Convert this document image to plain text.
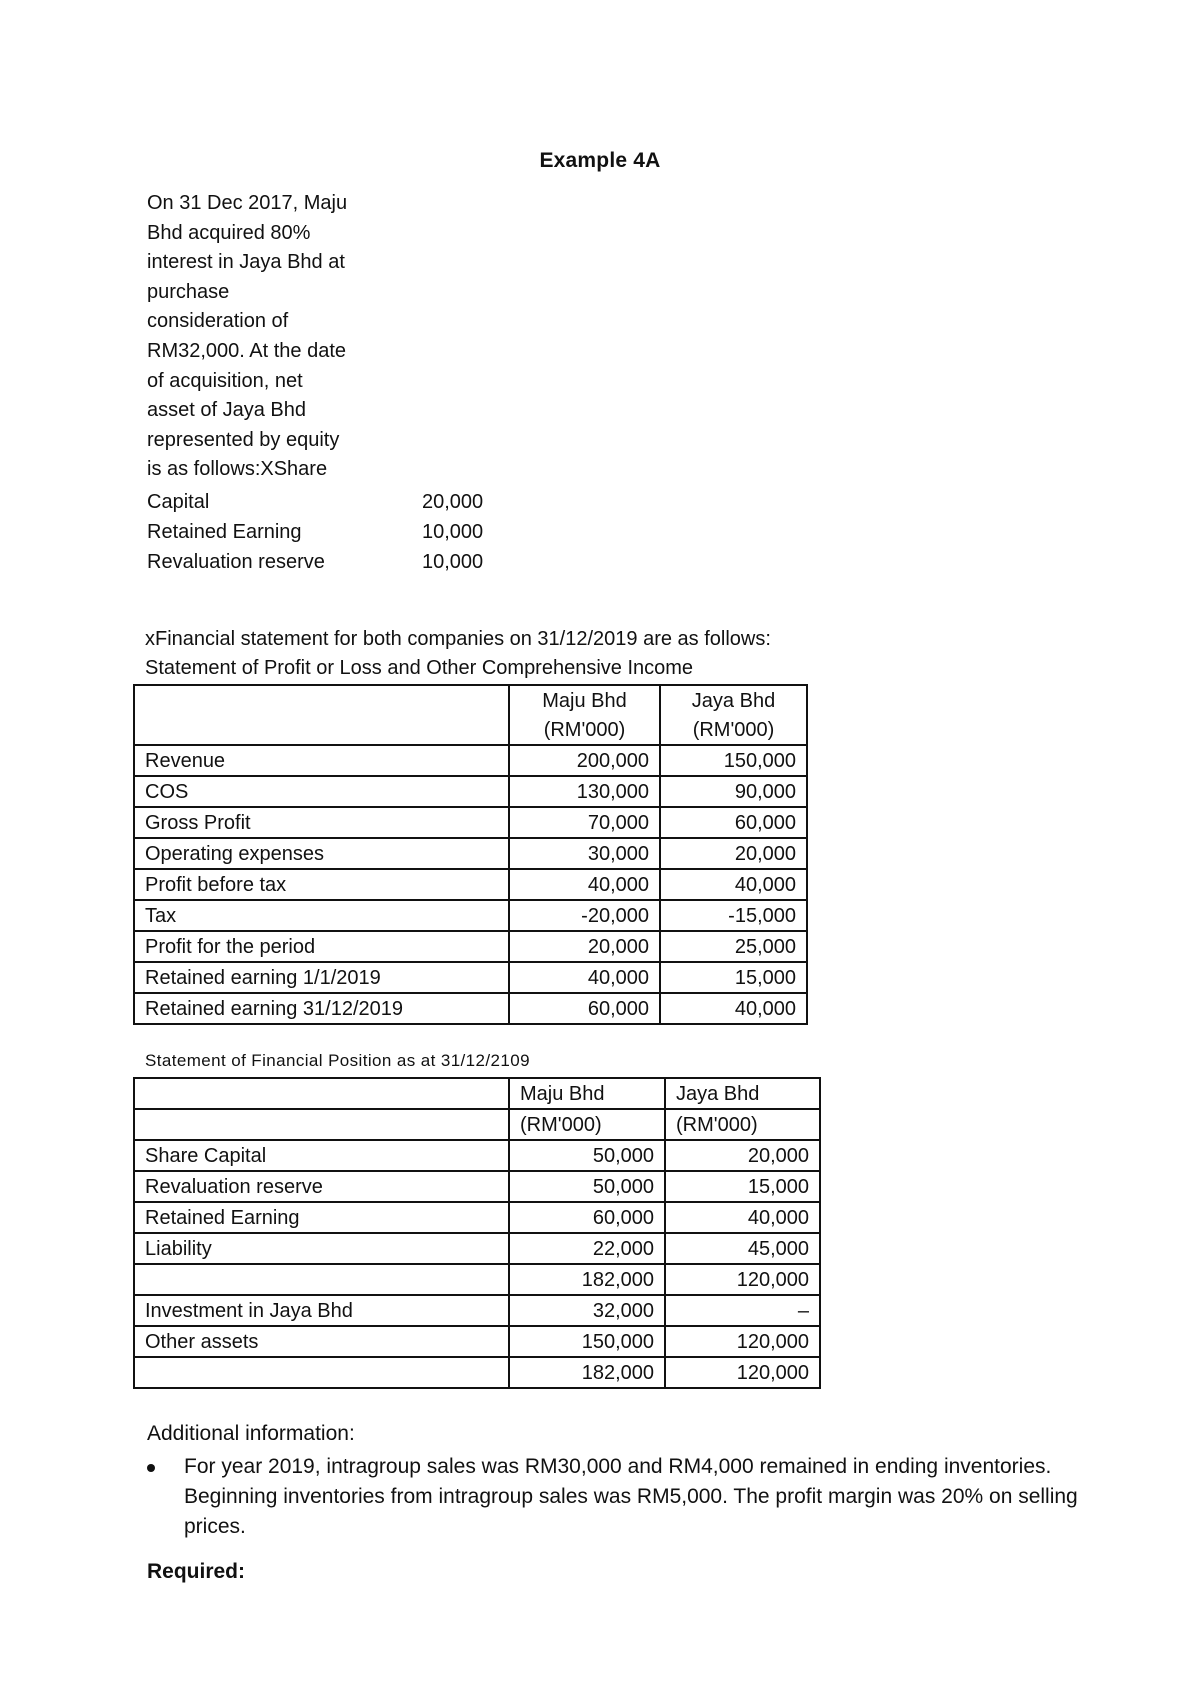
Example 4A
On 31 Dec 2017, Maju
Bhd acquired 80%
interest in Jaya Bhd at
purchase
consideration of
RM32,000. At the date
of acquisition, net
asset of Jaya Bhd
represented by equity
is as follows:XShare
Capital	20,000
Retained Earning	10,000
Revaluation reserve	10,000
xFinancial statement for both companies on 31/12/2019 are as follows:
Statement of Profit or Loss and Other Comprehensive Income
	Maju Bhd	Jaya Bhd
	(RM'000)	(RM'000)
Revenue	200,000	150,000
COS	130,000	90,000
Gross Profit	70,000	60,000
Operating expenses	30,000	20,000
Profit before tax	40,000	40,000
Tax	-20,000	-15,000
Profit for the period	20,000	25,000
Retained earning 1/1/2019	40,000	15,000
Retained earning 31/12/2019	60,000	40,000
Statement of Financial Position as at 31/12/2109
	Maju Bhd	Jaya Bhd
	(RM'000)	(RM'000)
Share Capital	50,000	20,000
Revaluation reserve	50,000	15,000
Retained Earning	60,000	40,000
Liability	22,000	45,000
	182,000	120,000
Investment in Jaya Bhd	32,000	–
Other assets	150,000	120,000
	182,000	120,000
Additional information:
For year 2019, intragroup sales was RM30,000 and RM4,000 remained in ending inventories. Beginning inventories from intragroup sales was RM5,000. The profit margin was 20% on selling prices.
Required:
